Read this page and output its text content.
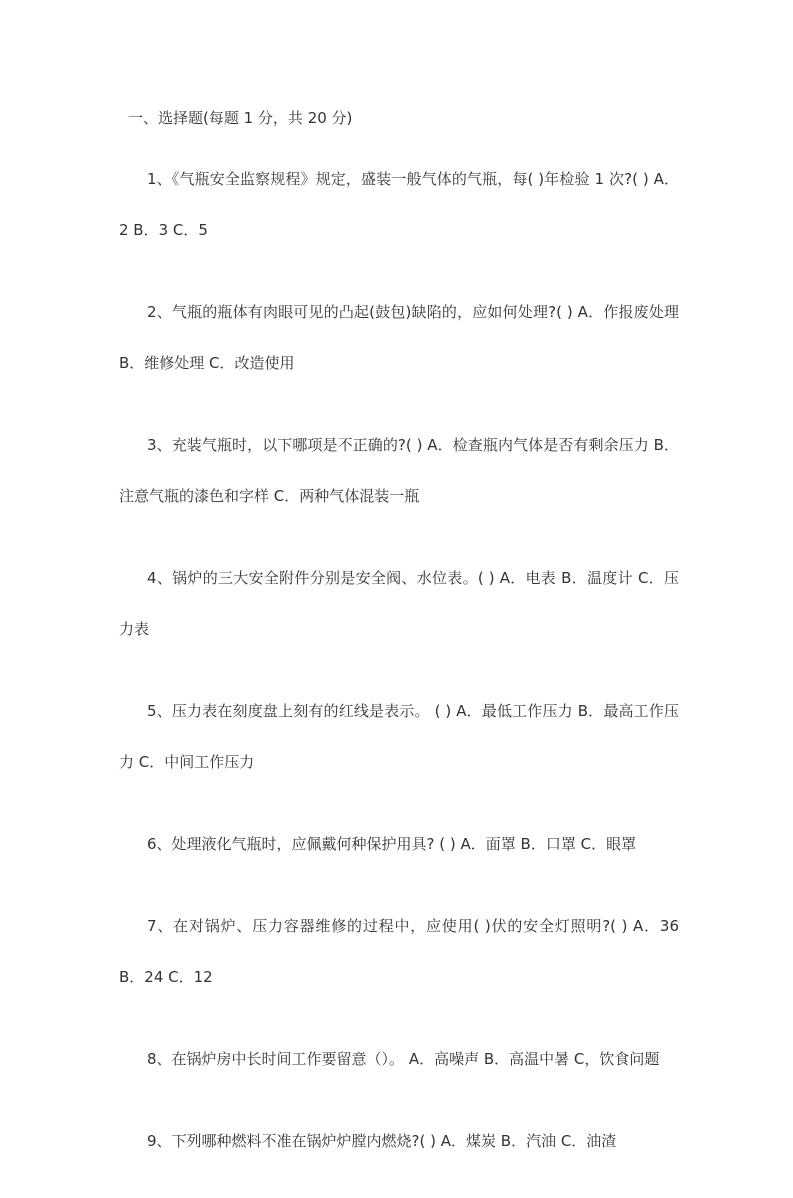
一、选择题(每题 1 分，共 20 分)
1、《气瓶安全监察规程》规定，盛装一般气体的气瓶，每( )年检验 1 次?( ) A．2 B．3 C．5
2、气瓶的瓶体有肉眼可见的凸起(鼓包)缺陷的，应如何处理?( ) A．作报废处理 B．维修处理 C．改造使用
3、充装气瓶时，以下哪项是不正确的?( ) A．检查瓶内气体是否有剩余压力 B．注意气瓶的漆色和字样 C．两种气体混装一瓶
4、锅炉的三大安全附件分别是安全阀、水位表。( ) A．电表 B．温度计 C．压力表
5、压力表在刻度盘上刻有的红线是表示。 ( ) A．最低工作压力 B．最高工作压力 C．中间工作压力
6、处理液化气瓶时，应佩戴何种保护用具? ( ) A．面罩 B．口罩 C．眼罩
7、在对锅炉、压力容器维修的过程中，应使用( )伏的安全灯照明?( ) A．36 B．24 C．12
8、在锅炉房中长时间工作要留意（）。 A．高噪声 B．高温中暑 C，饮食问题
9、下列哪种燃料不准在锅炉炉膛内燃烧?( ) A．煤炭 B．汽油 C．油渣
